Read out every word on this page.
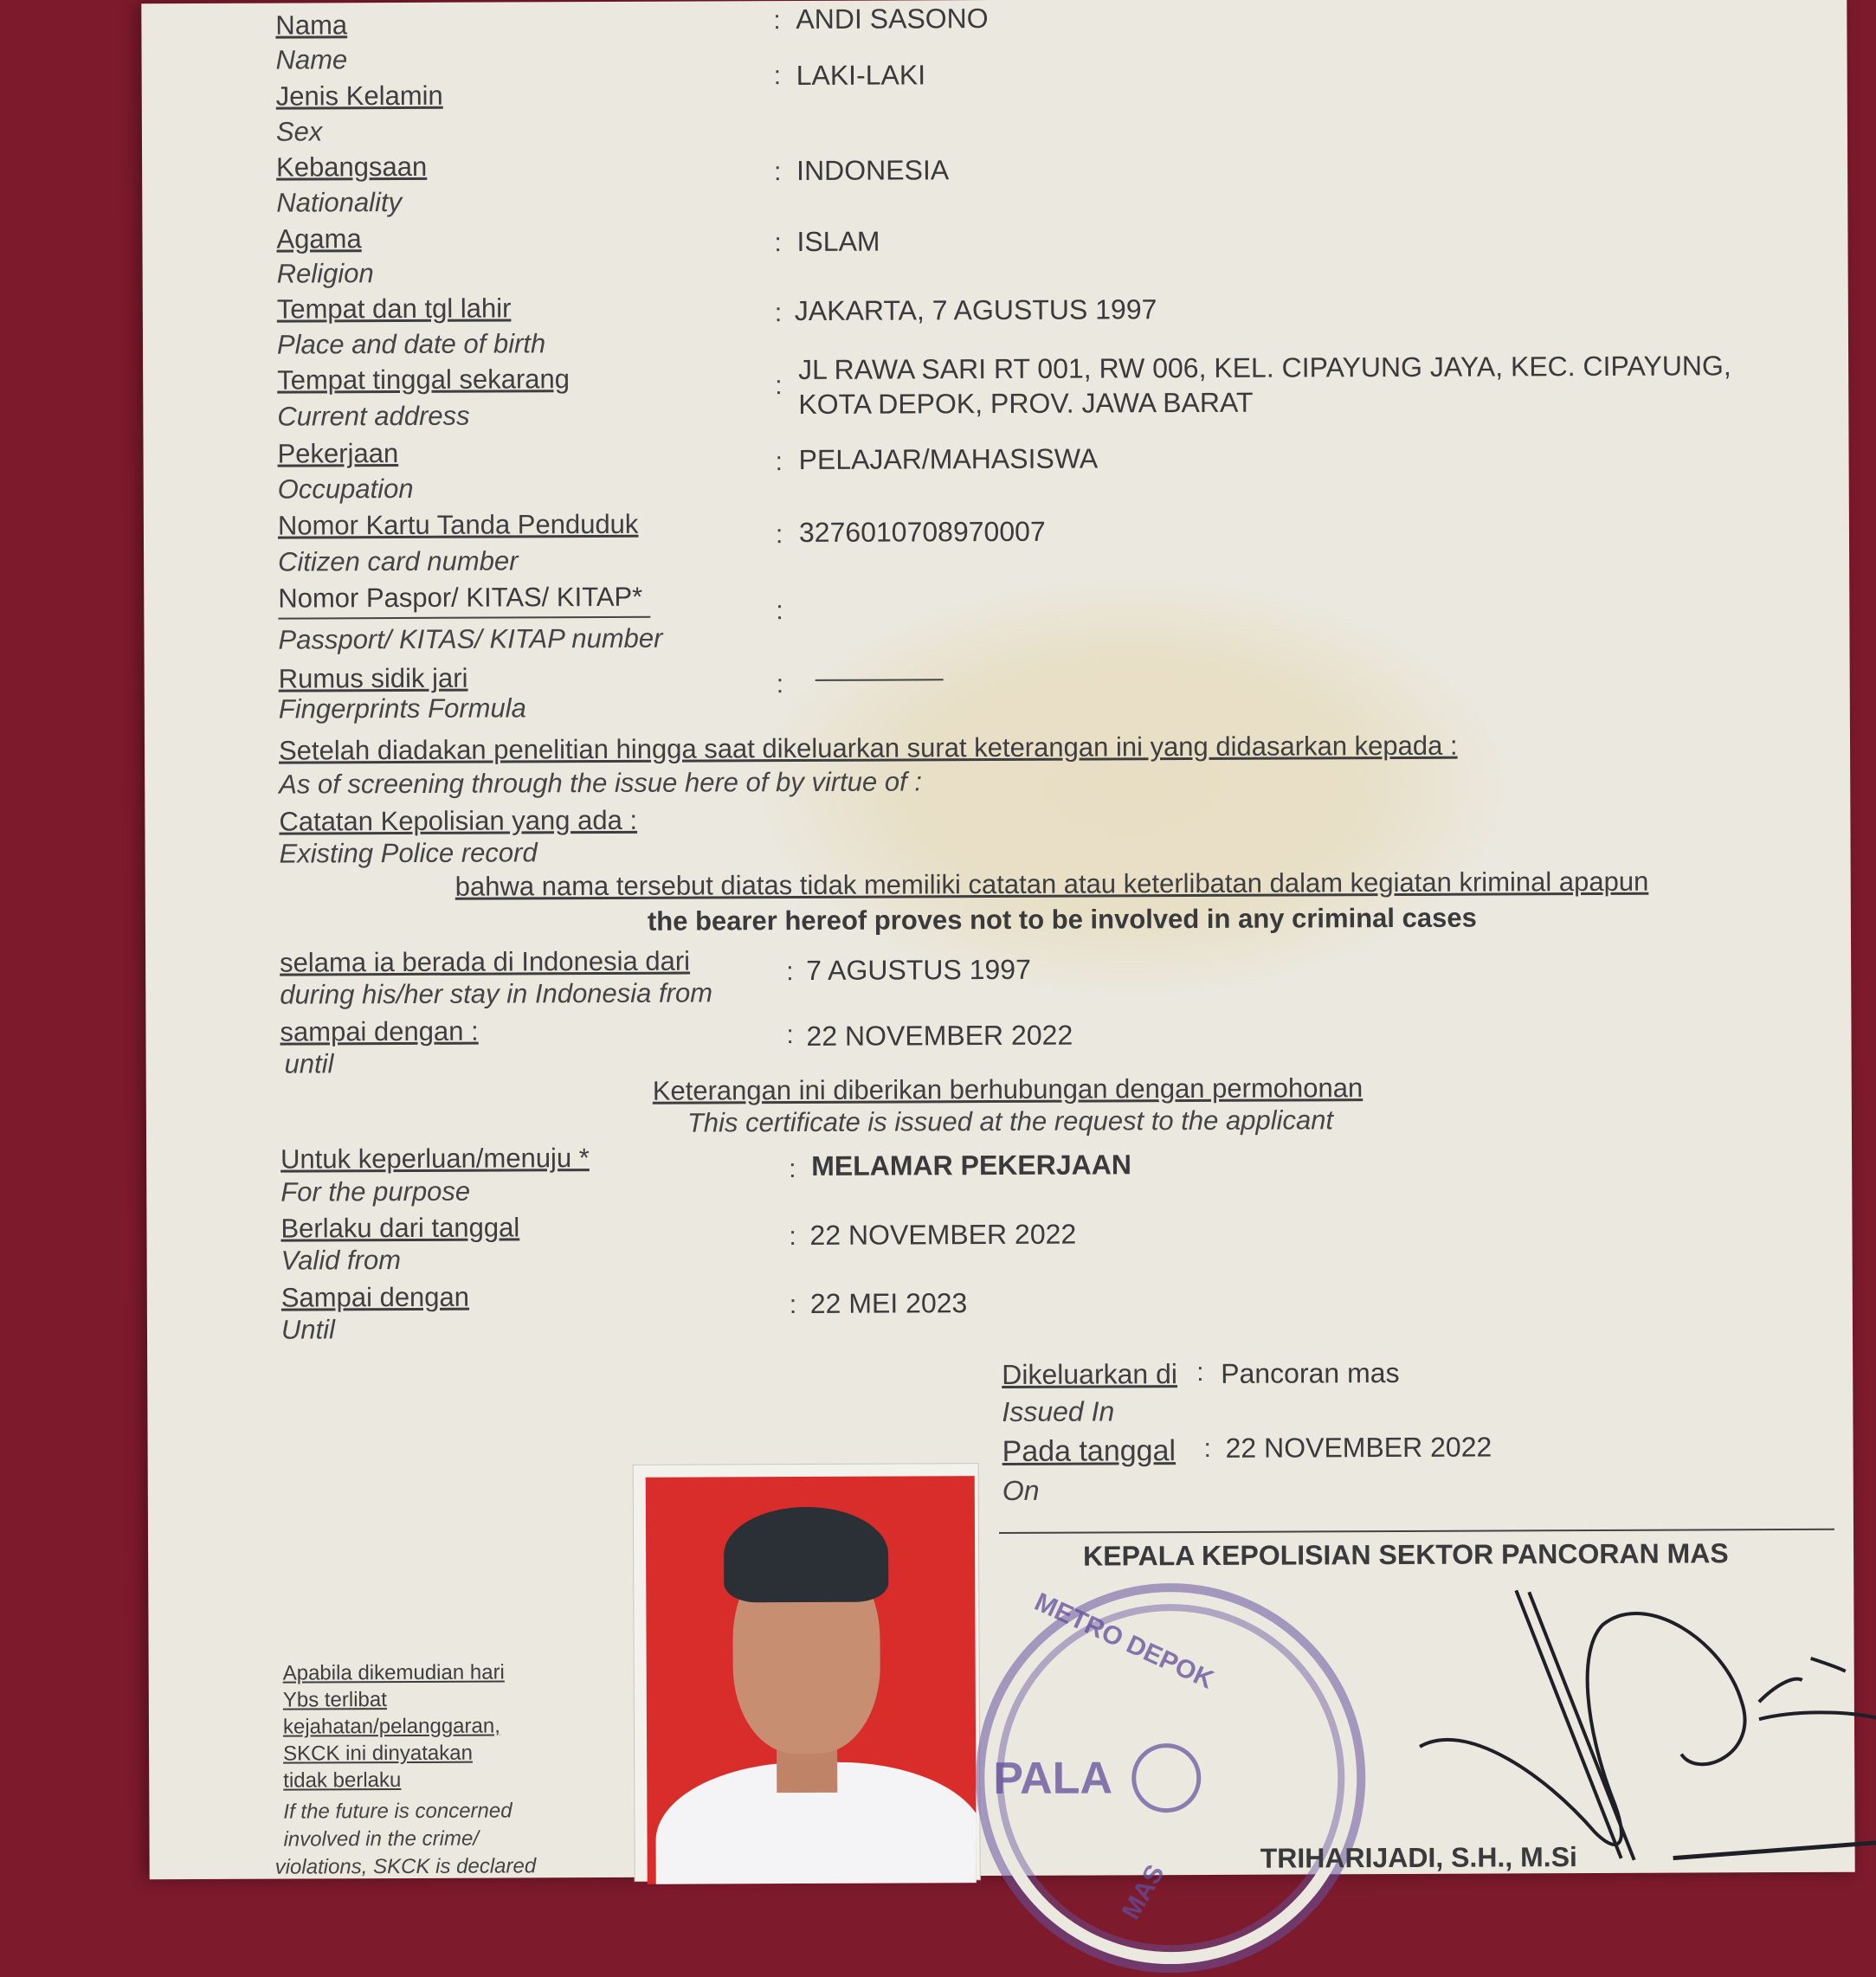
Nama
Name
: ANDI SASONO
Jenis Kelamin
Sex
: LAKI-LAKI
Kebangsaan
Nationality
: INDONESIA
Agama
Religion
: ISLAM
Tempat dan tgl lahir
Place and date of birth
: JAKARTA, 7 AGUSTUS 1997
Tempat tinggal sekarang
Current address
:
JL RAWA SARI RT 001, RW 006, KEL. CIPAYUNG JAYA, KEC. CIPAYUNG,
KOTA DEPOK, PROV. JAWA BARAT
Pekerjaan
Occupation
: PELAJAR/MAHASISWA
Nomor Kartu Tanda Penduduk
Citizen card number
: 3276010708970007
Nomor Paspor/ KITAS/ KITAP*
Passport/ KITAS/ KITAP number
:
Rumus sidik jari
Fingerprints Formula
:
Setelah diadakan penelitian hingga saat dikeluarkan surat keterangan ini yang didasarkan kepada :
As of screening through the issue here of by virtue of :
Catatan Kepolisian yang ada :
Existing Police record
bahwa nama tersebut diatas tidak memiliki catatan atau keterlibatan dalam kegiatan kriminal apapun
the bearer hereof proves not to be involved in any criminal cases
selama ia berada di Indonesia dari
during his/her stay in Indonesia from
: 7 AGUSTUS 1997
sampai dengan :
until
: 22 NOVEMBER 2022
Keterangan ini diberikan berhubungan dengan permohonan
This certificate is issued at the request to the applicant
Untuk keperluan/menuju *
For the purpose
: MELAMAR PEKERJAAN
Berlaku dari tanggal
Valid from
: 22 NOVEMBER 2022
Sampai dengan
Until
: 22 MEI 2023
Dikeluarkan di
Issued In
: Pancoran mas
Pada tanggal
On
: 22 NOVEMBER 2022
KEPALA KEPOLISIAN SEKTOR PANCORAN MAS
METRO DEPOK
PALA
MAS
TRIHARIJADI, S.H., M.Si
Apabila dikemudian hari
Ybs terlibat
kejahatan/pelanggaran,
SKCK ini dinyatakan
tidak berlaku
If the future is concerned
involved in the crime/
violations, SKCK is declared
